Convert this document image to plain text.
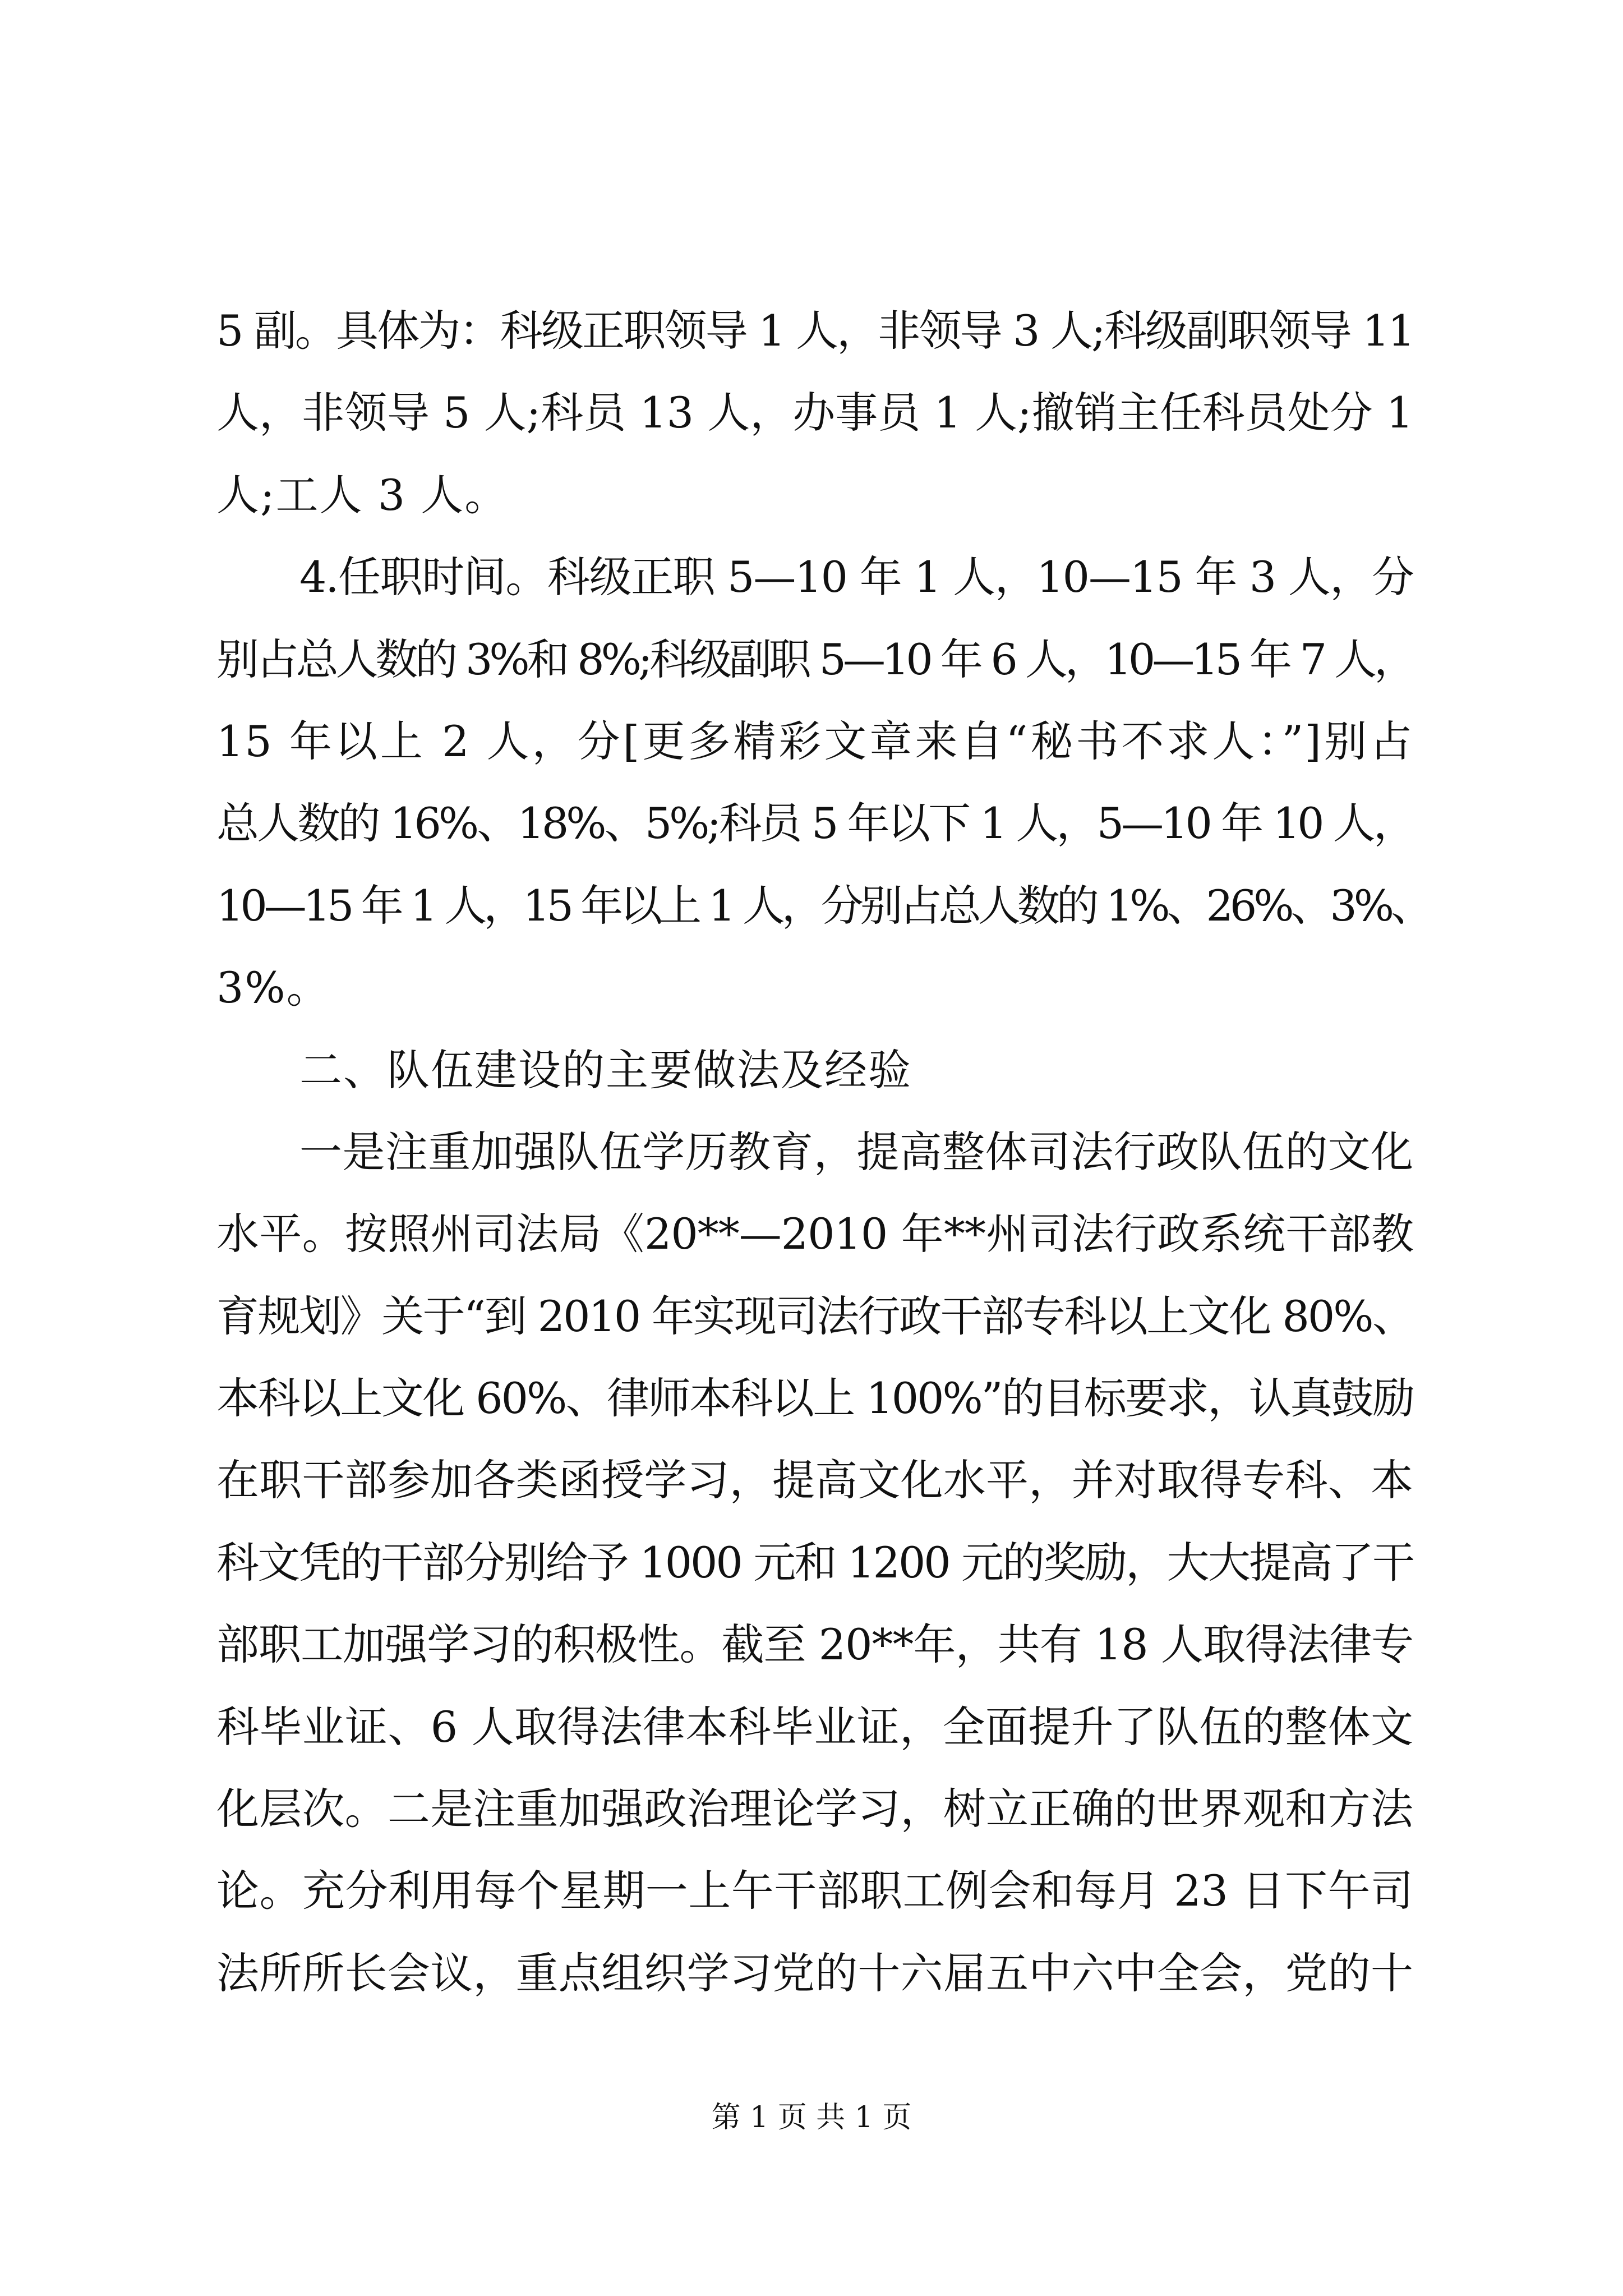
5 副。具体为：科级正职领导 1 人，非领导 3 人;科级副职领导 11
人，非领导 5 人;科员 13 人，办事员 1 人;撤销主任科员处分 1
人;工人 3 人。
4.任职时间。科级正职 5—10 年 1 人，10—15 年 3 人，分
别占总人数的 3%和 8%;科级副职 5—10 年 6 人，10—15 年 7 人，
15 年以上 2 人，分[更多精彩文章来自“秘书不求人：”]别占
总人数的 16%、18%、5%;科员 5 年以下 1 人，5—10 年 10 人，
10—15 年 1 人，15 年以上 1 人，分别占总人数的 1%、26%、3%、
3%。
二、队伍建设的主要做法及经验
一是注重加强队伍学历教育，提高整体司法行政队伍的文化
水平。按照州司法局《20**—2010 年**州司法行政系统干部教
育规划》关于“到 2010 年实现司法行政干部专科以上文化 80%、
本科以上文化 60%、律师本科以上 100%”的目标要求，认真鼓励
在职干部参加各类函授学习，提高文化水平，并对取得专科、本
科文凭的干部分别给予 1000 元和 1200 元的奖励，大大提高了干
部职工加强学习的积极性。截至 20**年，共有 18 人取得法律专
科毕业证、6 人取得法律本科毕业证，全面提升了队伍的整体文
化层次。二是注重加强政治理论学习，树立正确的世界观和方法
论。充分利用每个星期一上午干部职工例会和每月 23 日下午司
法所所长会议，重点组织学习党的十六届五中六中全会，党的十
第 1 页 共 1 页
